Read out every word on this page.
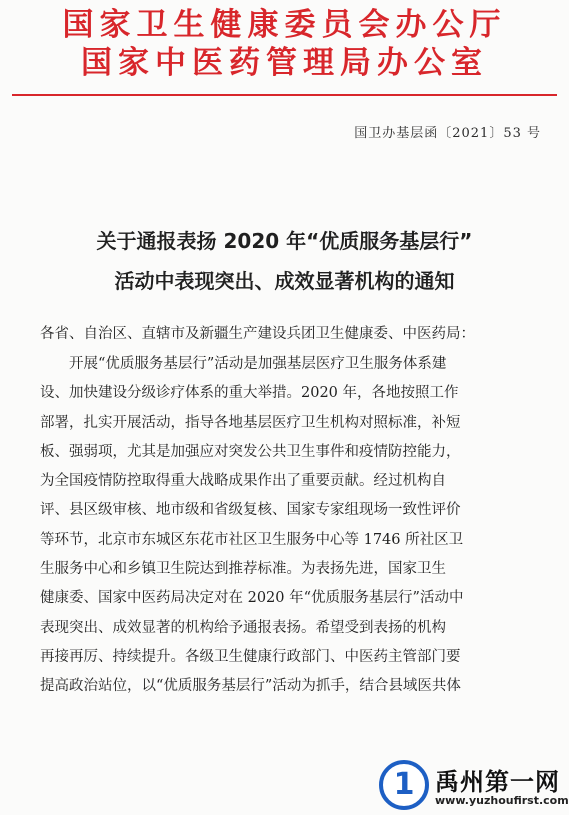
国家卫生健康委员会办公厅
国家中医药管理局办公室
国卫办基层函〔2021〕53 号
关于通报表扬 2020 年“优质服务基层行”
活动中表现突出、成效显著机构的通知
各省、自治区、直辖市及新疆生产建设兵团卫生健康委、中医药局：
开展“优质服务基层行”活动是加强基层医疗卫生服务体系建
设、加快建设分级诊疗体系的重大举措。2020 年，各地按照工作
部署，扎实开展活动，指导各地基层医疗卫生机构对照标准，补短
板、强弱项，尤其是加强应对突发公共卫生事件和疫情防控能力，
为全国疫情防控取得重大战略成果作出了重要贡献。经过机构自
评、县区级审核、地市级和省级复核、国家专家组现场一致性评价
等环节，北京市东城区东花市社区卫生服务中心等 1746 所社区卫
生服务中心和乡镇卫生院达到推荐标准。为表扬先进，国家卫生
健康委、国家中医药局决定对在 2020 年“优质服务基层行”活动中
表现突出、成效显著的机构给予通报表扬。希望受到表扬的机构
再接再厉、持续提升。各级卫生健康行政部门、中医药主管部门要
提高政治站位，以“优质服务基层行”活动为抓手，结合县域医共体
1 禹州第一网
www.yuzhoufirst.com
